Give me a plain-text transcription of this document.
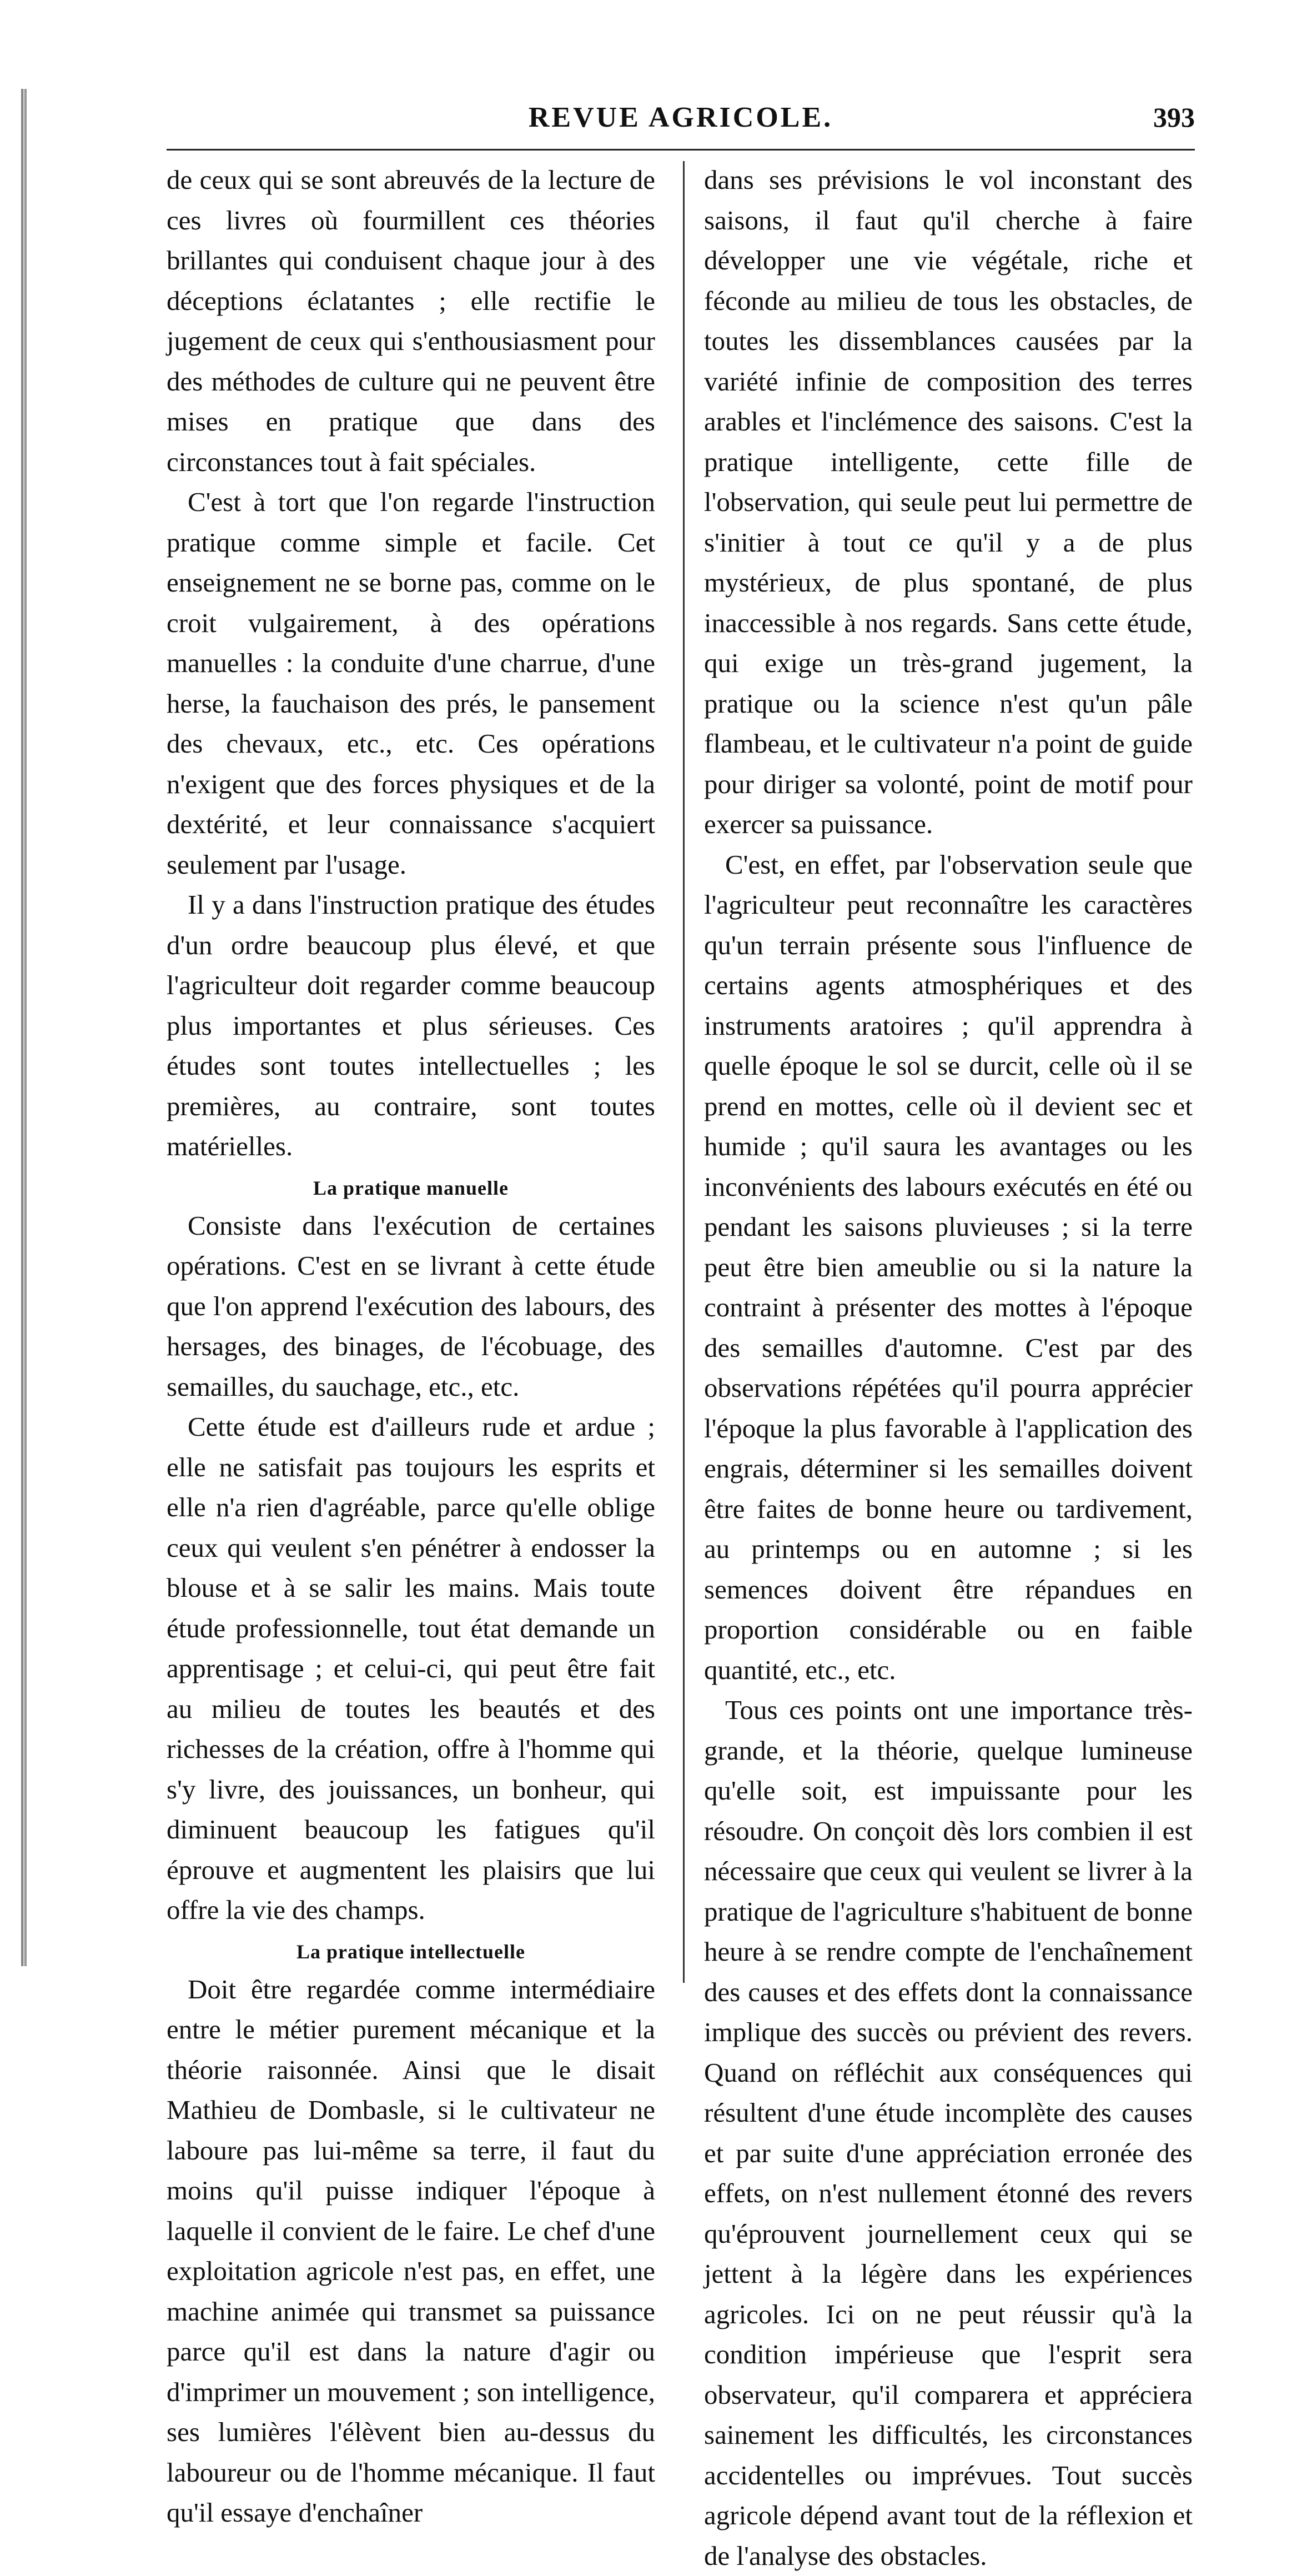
REVUE AGRICOLE.	393

de ceux qui se sont abreuvés de la lecture de ces livres où fourmillent ces théories brillantes qui conduisent chaque jour à des déceptions éclatantes ; elle rectifie le jugement de ceux qui s'enthousiasment pour des méthodes de culture qui ne peuvent être mises en pratique que dans des circonstances tout à fait spéciales.

C'est à tort que l'on regarde l'instruction pratique comme simple et facile. Cet enseignement ne se borne pas, comme on le croit vulgairement, à des opérations manuelles : la conduite d'une charrue, d'une herse, la fauchaison des prés, le pansement des chevaux, etc., etc. Ces opérations n'exigent que des forces physiques et de la dextérité, et leur connaissance s'acquiert seulement par l'usage.

Il y a dans l'instruction pratique des études d'un ordre beaucoup plus élevé, et que l'agriculteur doit regarder comme beaucoup plus importantes et plus sérieuses. Ces études sont toutes intellectuelles ; les premières, au contraire, sont toutes matérielles.

La pratique manuelle

Consiste dans l'exécution de certaines opérations. C'est en se livrant à cette étude que l'on apprend l'exécution des labours, des hersages, des binages, de l'écobuage, des semailles, du sauchage, etc., etc.

Cette étude est d'ailleurs rude et ardue ; elle ne satisfait pas toujours les esprits et elle n'a rien d'agréable, parce qu'elle oblige ceux qui veulent s'en pénétrer à endosser la blouse et à se salir les mains. Mais toute étude professionnelle, tout état demande un apprentisage ; et celui-ci, qui peut être fait au milieu de toutes les beautés et des richesses de la création, offre à l'homme qui s'y livre, des jouissances, un bonheur, qui diminuent beaucoup les fatigues qu'il éprouve et augmentent les plaisirs que lui offre la vie des champs.

La pratique intellectuelle

Doit être regardée comme intermédiaire entre le métier purement mécanique et la théorie raisonnée. Ainsi que le disait Mathieu de Dombasle, si le cultivateur ne laboure pas lui-même sa terre, il faut du moins qu'il puisse indiquer l'époque à laquelle il convient de le faire. Le chef d'une exploitation agricole n'est pas, en effet, une machine animée qui transmet sa puissance parce qu'il est dans la nature d'agir ou d'imprimer un mouvement ; son intelligence, ses lumières l'élèvent bien au-dessus du laboureur ou de l'homme mécanique. Il faut qu'il essaye d'enchaîner

dans ses prévisions le vol inconstant des saisons, il faut qu'il cherche à faire développer une vie végétale, riche et féconde au milieu de tous les obstacles, de toutes les dissemblances causées par la variété infinie de composition des terres arables et l'inclémence des saisons. C'est la pratique intelligente, cette fille de l'observation, qui seule peut lui permettre de s'initier à tout ce qu'il y a de plus mystérieux, de plus spontané, de plus inaccessible à nos regards. Sans cette étude, qui exige un très-grand jugement, la pratique ou la science n'est qu'un pâle flambeau, et le cultivateur n'a point de guide pour diriger sa volonté, point de motif pour exercer sa puissance.

C'est, en effet, par l'observation seule que l'agriculteur peut reconnaître les caractères qu'un terrain présente sous l'influence de certains agents atmosphériques et des instruments aratoires ; qu'il apprendra à quelle époque le sol se durcit, celle où il se prend en mottes, celle où il devient sec et humide ; qu'il saura les avantages ou les inconvénients des labours exécutés en été ou pendant les saisons pluvieuses ; si la terre peut être bien ameublie ou si la nature la contraint à présenter des mottes à l'époque des semailles d'automne. C'est par des observations répétées qu'il pourra apprécier l'époque la plus favorable à l'application des engrais, déterminer si les semailles doivent être faites de bonne heure ou tardivement, au printemps ou en automne ; si les semences doivent être répandues en proportion considérable ou en faible quantité, etc., etc.

Tous ces points ont une importance très-grande, et la théorie, quelque lumineuse qu'elle soit, est impuissante pour les résoudre. On conçoit dès lors combien il est nécessaire que ceux qui veulent se livrer à la pratique de l'agriculture s'habituent de bonne heure à se rendre compte de l'enchaînement des causes et des effets dont la connaissance implique des succès ou prévient des revers. Quand on réfléchit aux conséquences qui résultent d'une étude incomplète des causes et par suite d'une appréciation erronée des effets, on n'est nullement étonné des revers qu'éprouvent journellement ceux qui se jettent à la légère dans les expériences agricoles. Ici on ne peut réussir qu'à la condition impérieuse que l'esprit sera observateur, qu'il comparera et appréciera sainement les difficultés, les circonstances accidentelles ou imprévues. Tout succès agricole dépend avant tout de la réflexion et de l'analyse des obstacles.
